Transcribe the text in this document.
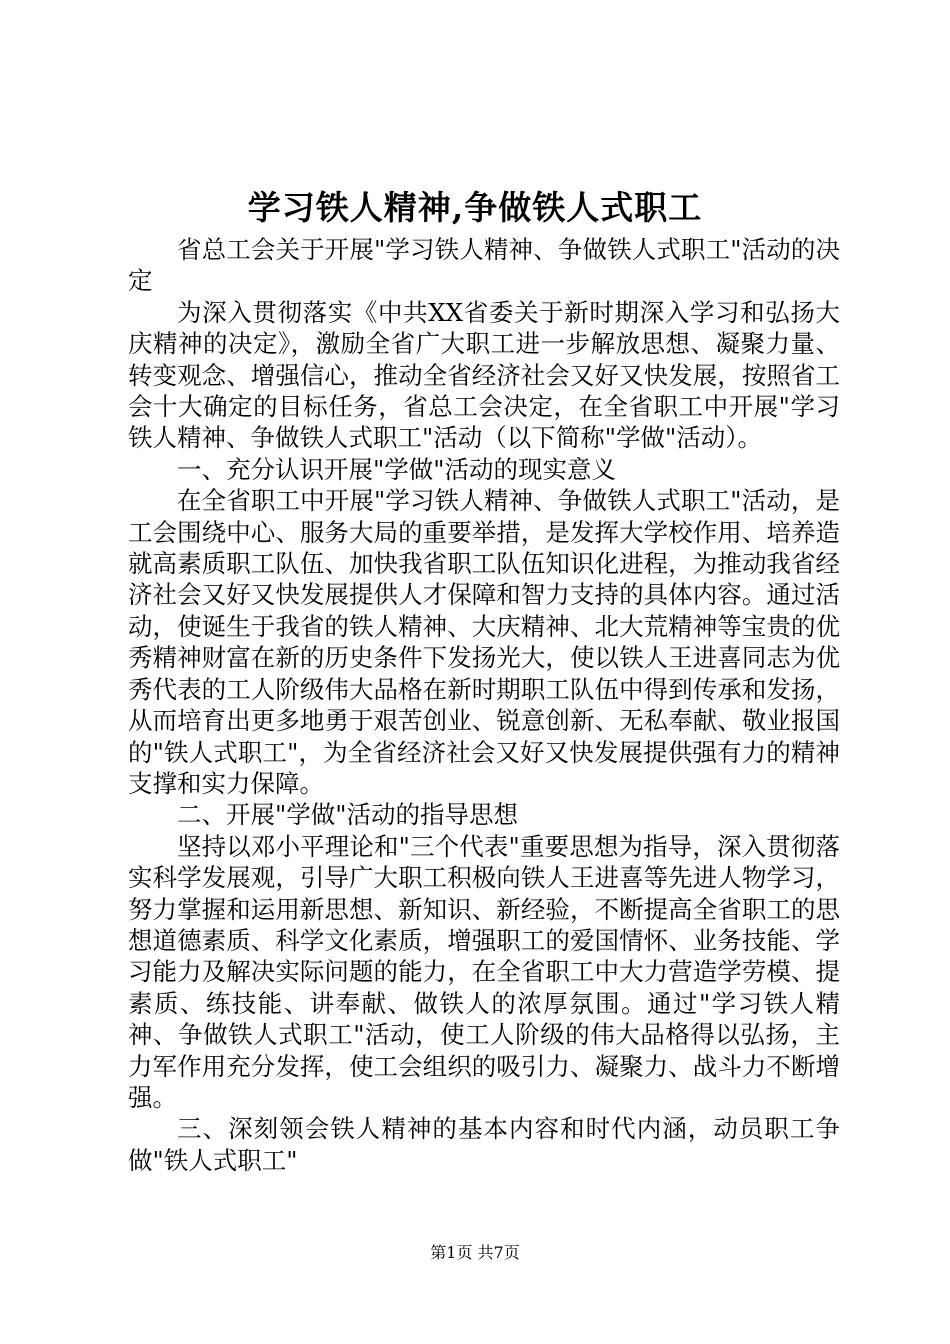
学习铁人精神,争做铁人式职工

省总工会关于开展"学习铁人精神、争做铁人式职工"活动的决定

为深入贯彻落实《中共XX省委关于新时期深入学习和弘扬大庆精神的决定》，激励全省广大职工进一步解放思想、凝聚力量、转变观念、增强信心，推动全省经济社会又好又快发展，按照省工会十大确定的目标任务，省总工会决定，在全省职工中开展"学习铁人精神、争做铁人式职工"活动（以下简称"学做"活动）。

一、充分认识开展"学做"活动的现实意义

在全省职工中开展"学习铁人精神、争做铁人式职工"活动，是工会围绕中心、服务大局的重要举措，是发挥大学校作用、培养造就高素质职工队伍、加快我省职工队伍知识化进程，为推动我省经济社会又好又快发展提供人才保障和智力支持的具体内容。通过活动，使诞生于我省的铁人精神、大庆精神、北大荒精神等宝贵的优秀精神财富在新的历史条件下发扬光大，使以铁人王进喜同志为优秀代表的工人阶级伟大品格在新时期职工队伍中得到传承和发扬，从而培育出更多地勇于艰苦创业、锐意创新、无私奉献、敬业报国的"铁人式职工"，为全省经济社会又好又快发展提供强有力的精神支撑和实力保障。

二、开展"学做"活动的指导思想

坚持以邓小平理论和"三个代表"重要思想为指导，深入贯彻落实科学发展观，引导广大职工积极向铁人王进喜等先进人物学习，努力掌握和运用新思想、新知识、新经验，不断提高全省职工的思想道德素质、科学文化素质，增强职工的爱国情怀、业务技能、学习能力及解决实际问题的能力，在全省职工中大力营造学劳模、提素质、练技能、讲奉献、做铁人的浓厚氛围。通过"学习铁人精神、争做铁人式职工"活动，使工人阶级的伟大品格得以弘扬，主力军作用充分发挥，使工会组织的吸引力、凝聚力、战斗力不断增强。

三、深刻领会铁人精神的基本内容和时代内涵，动员职工争做"铁人式职工"

第1页 共7页
